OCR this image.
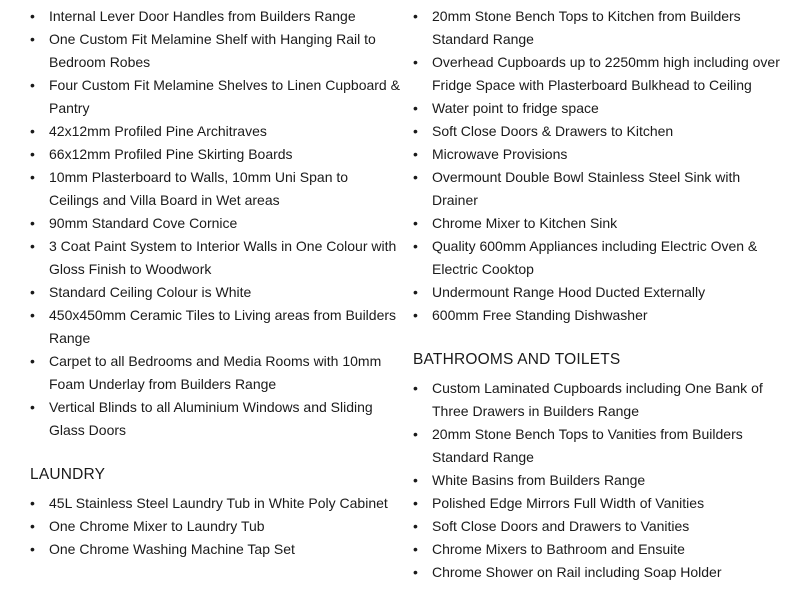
• Internal Lever Door Handles from Builders Range
• One Custom Fit Melamine Shelf with Hanging Rail to Bedroom Robes
• Four Custom Fit Melamine Shelves to Linen Cupboard & Pantry
• 42x12mm Profiled Pine Architraves
• 66x12mm Profiled Pine Skirting Boards
• 10mm Plasterboard to Walls, 10mm Uni Span to Ceilings and Villa Board in Wet areas
• 90mm Standard Cove Cornice
• 3 Coat Paint System to Interior Walls in One Colour with Gloss Finish to Woodwork
• Standard Ceiling Colour is White
• 450x450mm Ceramic Tiles to Living areas from Builders Range
• Carpet to all Bedrooms and Media Rooms with 10mm Foam Underlay from Builders Range
• Vertical Blinds to all Aluminium Windows and Sliding Glass Doors
LAUNDRY
• 45L Stainless Steel Laundry Tub in White Poly Cabinet
• One Chrome Mixer to Laundry Tub
• One Chrome Washing Machine Tap Set
• 20mm Stone Bench Tops to Kitchen from Builders Standard Range
• Overhead Cupboards up to 2250mm high including over Fridge Space with Plasterboard Bulkhead to Ceiling
• Water point to fridge space
• Soft Close Doors & Drawers to Kitchen
• Microwave Provisions
• Overmount Double Bowl Stainless Steel Sink with Drainer
• Chrome Mixer to Kitchen Sink
• Quality 600mm Appliances including Electric Oven & Electric Cooktop
• Undermount Range Hood Ducted Externally
• 600mm Free Standing Dishwasher
BATHROOMS AND TOILETS
• Custom Laminated Cupboards including One Bank of Three Drawers in Builders Range
• 20mm Stone Bench Tops to Vanities from Builders Standard Range
• White Basins from Builders Range
• Polished Edge Mirrors Full Width of Vanities
• Soft Close Doors and Drawers to Vanities
• Chrome Mixers to Bathroom and Ensuite
• Chrome Shower on Rail including Soap Holder
